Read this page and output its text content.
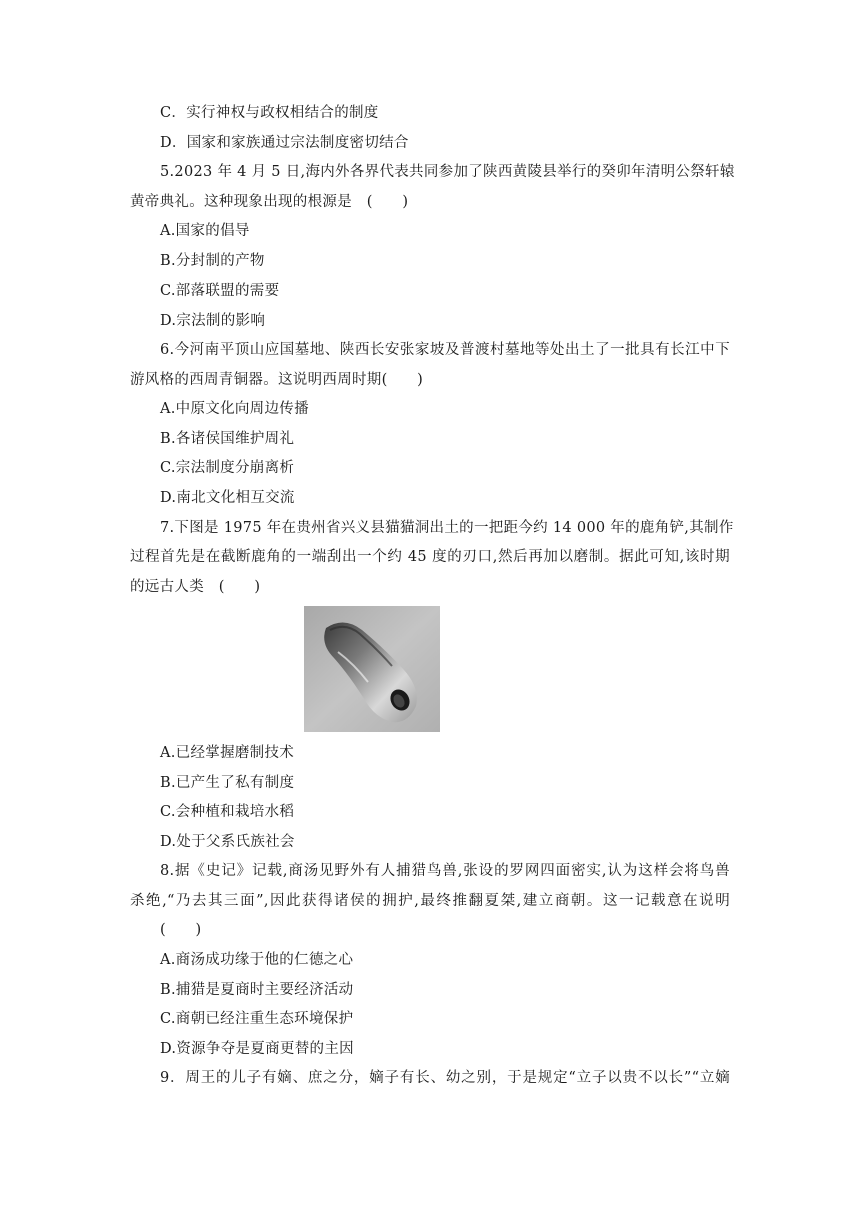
C．实行神权与政权相结合的制度
D．国家和家族通过宗法制度密切结合
5.2023 年 4 月 5 日,海内外各界代表共同参加了陕西黄陵县举行的癸卯年清明公祭轩辕
黄帝典礼。这种现象出现的根源是　(　　)
A.国家的倡导
B.分封制的产物
C.部落联盟的需要
D.宗法制的影响
6.今河南平顶山应国墓地、陕西长安张家坡及普渡村墓地等处出土了一批具有长江中下
游风格的西周青铜器。这说明西周时期(　　)
A.中原文化向周边传播
B.各诸侯国维护周礼
C.宗法制度分崩离析
D.南北文化相互交流
7.下图是 1975 年在贵州省兴义县猫猫洞出土的一把距今约 14 000 年的鹿角铲,其制作
过程首先是在截断鹿角的一端刮出一个约 45 度的刃口,然后再加以磨制。据此可知,该时期
的远古人类　(　　)
A.已经掌握磨制技术
B.已产生了私有制度
C.会种植和栽培水稻
D.处于父系氏族社会
8.据《史记》记载,商汤见野外有人捕猎鸟兽,张设的罗网四面密实,认为这样会将鸟兽
杀绝,“乃去其三面”,因此获得诸侯的拥护,最终推翻夏桀,建立商朝。这一记载意在说明
(　　)
A.商汤成功缘于他的仁德之心
B.捕猎是夏商时主要经济活动
C.商朝已经注重生态环境保护
D.资源争夺是夏商更替的主因
9．周王的儿子有嫡、庶之分，嫡子有长、幼之别，于是规定“立子以贵不以长”“立嫡
